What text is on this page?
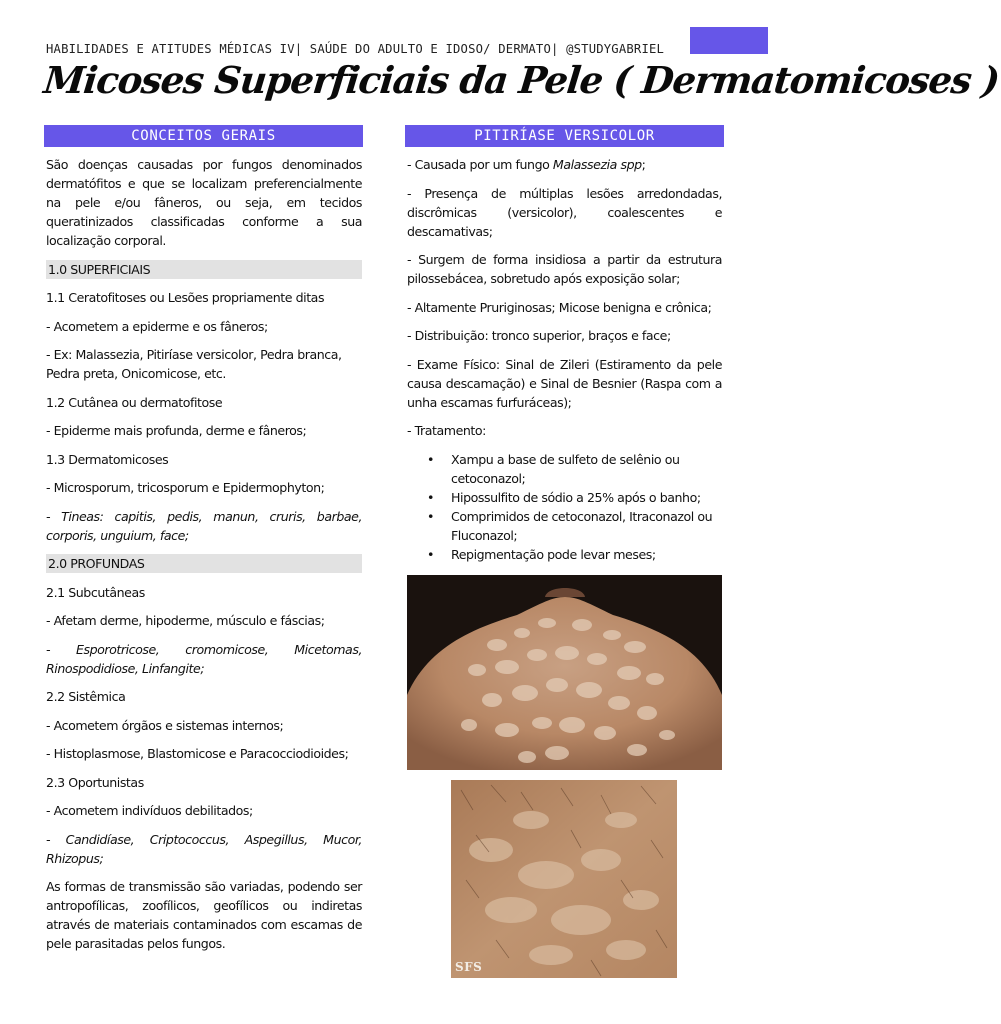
HABILIDADES E ATITUDES MÉDICAS IV| SAÚDE DO ADULTO E IDOSO/ DERMATO| @STUDYGABRIEL
Micoses Superficiais da Pele ( Dermatomicoses )
CONCEITOS GERAIS

São doenças causadas por fungos denominados dermatófitos e que se localizam preferencialmente na pele e/ou fâneros, ou seja, em tecidos queratinizados classificadas conforme a sua localização corporal.

1.0 SUPERFICIAIS

1.1 Ceratofitoses ou Lesões propriamente ditas

- Acometem a epiderme e os fâneros;

- Ex: Malassezia, Pitiríase versicolor, Pedra branca, Pedra preta, Onicomicose, etc.

1.2 Cutânea ou dermatofitose

- Epiderme mais profunda, derme e fâneros;

1.3 Dermatomicoses

- Microsporum, tricosporum e Epidermophyton;

- Tineas: capitis, pedis, manun, cruris, barbae, corporis, unguium, face;

2.0 PROFUNDAS

2.1 Subcutâneas

- Afetam derme, hipoderme, músculo e fáscias;

- Esporotricose, cromomicose, Micetomas, Rinospodidiose, Linfangite;

2.2 Sistêmica

- Acometem órgãos e sistemas internos;

- Histoplasmose, Blastomicose e Paracocciodioides;

2.3 Oportunistas

- Acometem indivíduos debilitados;

- Candidíase, Criptococcus, Aspegillus, Mucor, Rhizopus;

As formas de transmissão são variadas, podendo ser antropofílicas, zoofílicos, geofílicos ou indiretas através de materiais contaminados com escamas de pele parasitadas pelos fungos.

PITIRÍASE VERSICOLOR

- Causada por um fungo Malassezia spp;

- Presença de múltiplas lesões arredondadas, discrômicas (versicolor), coalescentes e descamativas;

- Surgem de forma insidiosa a partir da estrutura pilossebácea, sobretudo após exposição solar;

- Altamente Pruriginosas; Micose benigna e crônica;

- Distribuição: tronco superior, braços e face;

- Exame Físico: Sinal de Zileri (Estiramento da pele causa descamação) e Sinal de Besnier (Raspa com a unha escamas furfuráceas);

- Tratamento:

• Xampu a base de sulfeto de selênio ou cetoconazol;
• Hipossulfito de sódio a 25% após o banho;
• Comprimidos de cetoconazol, Itraconazol ou Fluconazol;
• Repigmentação pode levar meses;
SFS
